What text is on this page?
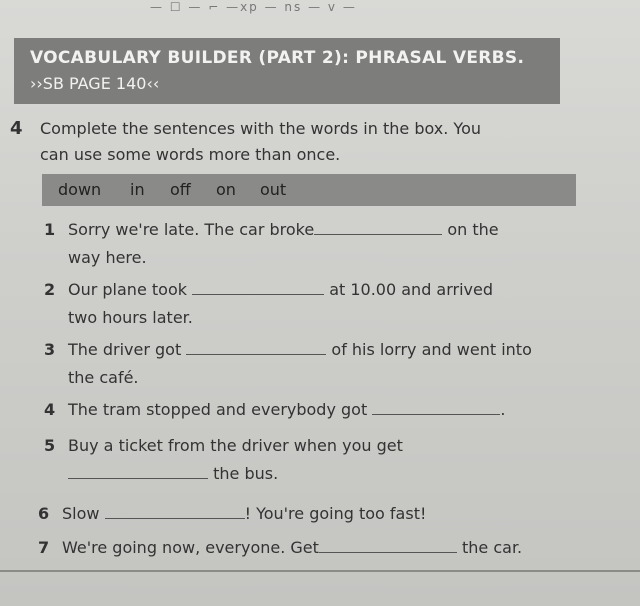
— ☐ — ⌐ —xp — ns — v —
VOCABULARY BUILDER (PART 2): PHRASAL VERBS.
››SB PAGE 140‹‹
4 Complete the sentences with the words in the box. You
can use some words more than once.
down in off on out
1 Sorry we're late. The car broke	on the
way here.
2 Our plane took	at 10.00 and arrived
two hours later.
3 The driver got	of his lorry and went into
the café.
4 The tram stopped and everybody got	.
5 Buy a ticket from the driver when you get
the bus.
6 Slow	! You're going too fast!
7 We're going now, everyone. Get	the car.
